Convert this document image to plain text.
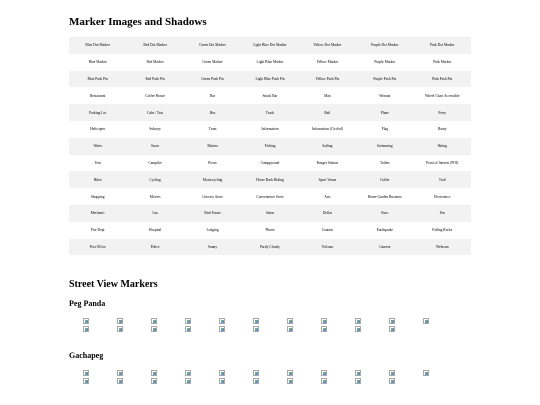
Marker Images and Shadows
Blue Dot Marker	Red Dot Marker	Green Dot Marker	Light Blue Dot Marker	Yellow Dot Marker	Purple Dot Marker	Pink Dot Marker
Blue Marker	Red Marker	Green Marker	Light Blue Marker	Yellow Marker	Purple Marker	Pink Marker
Blue Push Pin	Red Push Pin	Green Push Pin	Light Blue Push Pin	Yellow Push Pin	Purple Push Pin	Pink Push Pin
Restaurant	Coffee House	Bar	Snack Bar	Man	Woman	Wheel Chair Accessible
Parking Lot	Cabs / Taxi	Bus	Truck	Rail	Plane	Ferry
Helicopter	Subway	Tram	Information	Information (Circled)	Flag	Rainy
Water	Snow	Marina	Fishing	Sailing	Swimming	Skiing
Tent	Campfire	Picnic	Campground	Ranger Station	Toilets	Point of Interest (POI)
Hiker	Cycling	Motorcycling	Horse Back Riding	Sport Venue	Golfer	Trail
Shopping	Movies	Grocery Store	Convenience Store	Arts	Home Garden Business	Electronics
Mechanic	Gas	Real Estate	Salon	Dollar	Euro	Yen
Fire Dept	Hospital	Lodging	Phone	Caution	Earthquake	Falling Rocks
Post Office	Police	Sunny	Partly Cloudy	Volcano	Camera	Webcam
Street View Markers
Peg Panda
Gachapeg
